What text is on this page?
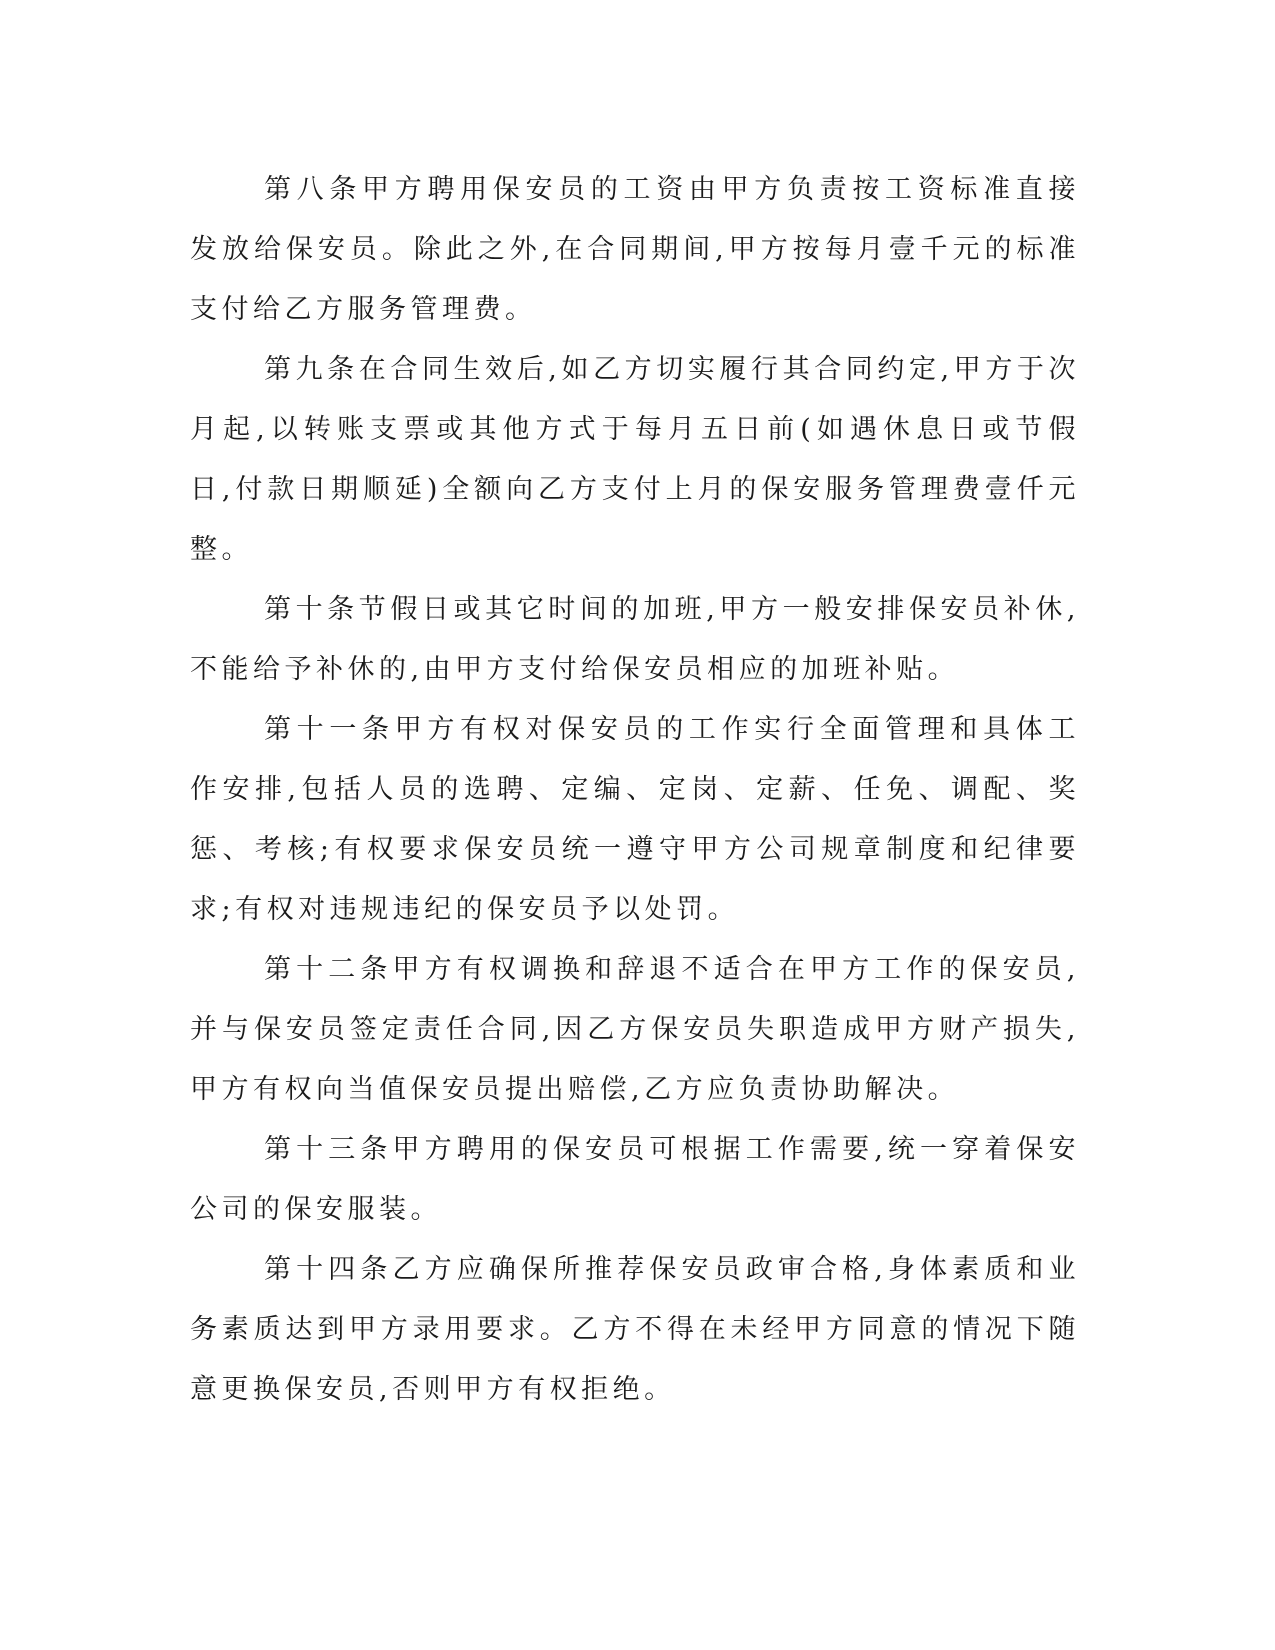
第八条甲方聘用保安员的工资由甲方负责按工资标准直接发放给保安员。除此之外,在合同期间,甲方按每月壹千元的标准支付给乙方服务管理费。

第九条在合同生效后,如乙方切实履行其合同约定,甲方于次月起,以转账支票或其他方式于每月五日前(如遇休息日或节假日,付款日期顺延)全额向乙方支付上月的保安服务管理费壹仟元整。

第十条节假日或其它时间的加班,甲方一般安排保安员补休,不能给予补休的,由甲方支付给保安员相应的加班补贴。

第十一条甲方有权对保安员的工作实行全面管理和具体工作安排,包括人员的选聘、定编、定岗、定薪、任免、调配、奖惩、考核;有权要求保安员统一遵守甲方公司规章制度和纪律要求;有权对违规违纪的保安员予以处罚。

第十二条甲方有权调换和辞退不适合在甲方工作的保安员,并与保安员签定责任合同,因乙方保安员失职造成甲方财产损失,甲方有权向当值保安员提出赔偿,乙方应负责协助解决。

第十三条甲方聘用的保安员可根据工作需要,统一穿着保安公司的保安服装。

第十四条乙方应确保所推荐保安员政审合格,身体素质和业务素质达到甲方录用要求。乙方不得在未经甲方同意的情况下随意更换保安员,否则甲方有权拒绝。
